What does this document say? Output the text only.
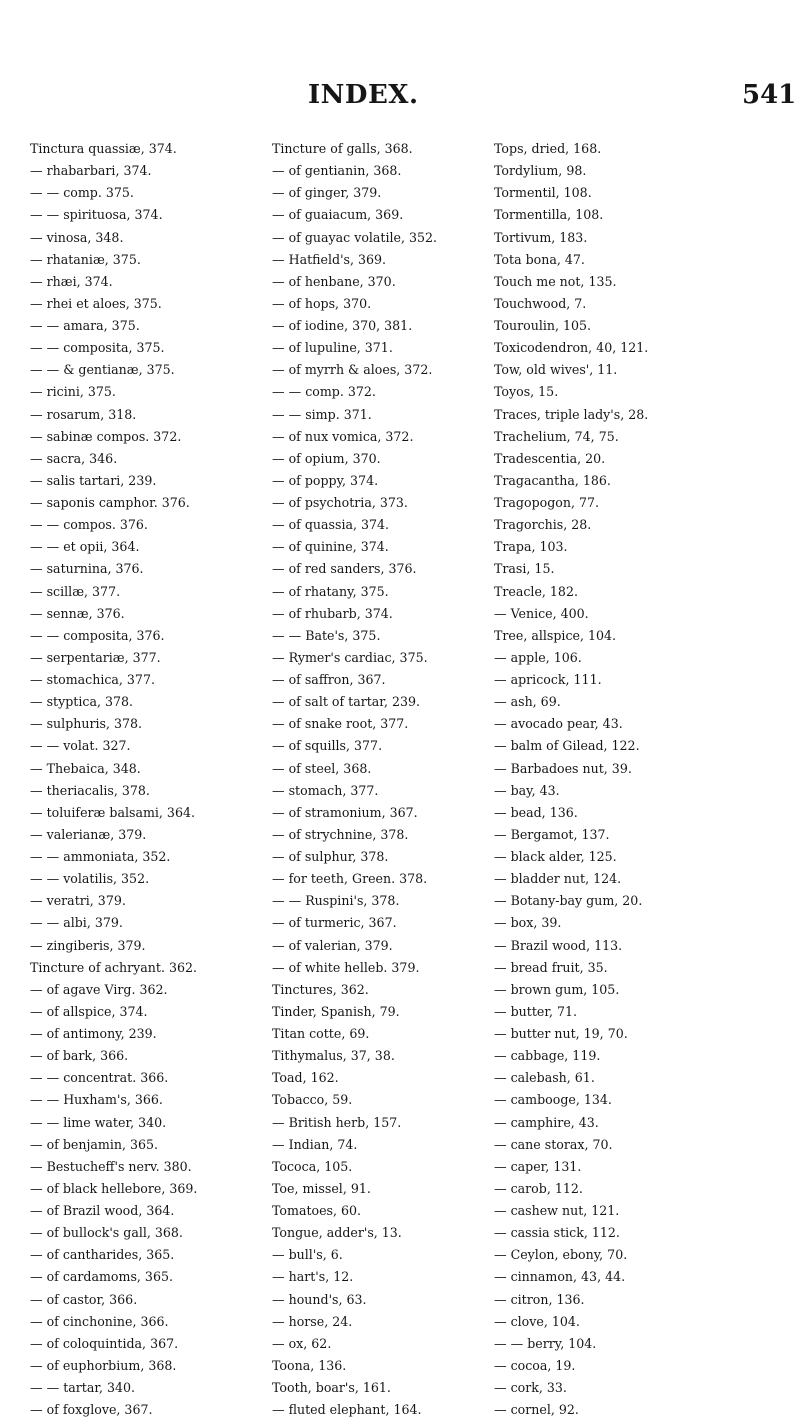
INDEX.	541
Tinctura quassiæ, 374.
— rhabarbari, 374.
— — comp. 375.
— — spirituosa, 374.
— vinosa, 348.
— rhataniæ, 375.
— rhæi, 374.
— rhei et aloes, 375.
— — amara, 375.
— — composita, 375.
— — & gentianæ, 375.
— ricini, 375.
— rosarum, 318.
— sabinæ compos. 372.
— sacra, 346.
— salis tartari, 239.
— saponis camphor. 376.
— — compos. 376.
— — et opii, 364.
— saturnina, 376.
— scillæ, 377.
— sennæ, 376.
— — composita, 376.
— serpentariæ, 377.
— stomachica, 377.
— styptica, 378.
— sulphuris, 378.
— — volat. 327.
— Thebaica, 348.
— theriacalis, 378.
— toluiferæ balsami, 364.
— valerianæ, 379.
— — ammoniata, 352.
— — volatilis, 352.
— veratri, 379.
— — albi, 379.
— zingiberis, 379.
Tincture of achryant. 362.
— of agave Virg. 362.
— of allspice, 374.
— of antimony, 239.
— of bark, 366.
— — concentrat. 366.
— — Huxham's, 366.
— — lime water, 340.
— of benjamin, 365.
— Bestucheff's nerv. 380.
— of black hellebore, 369.
— of Brazil wood, 364.
— of bullock's gall, 368.
— of cantharides, 365.
— of cardamoms, 365.
— of castor, 366.
— of cinchonine, 366.
— of coloquintida, 367.
— of euphorbium, 368.
— — tartar, 340.
— of foxglove, 367.
Tincture of galls, 368.
— of gentianin, 368.
— of ginger, 379.
— of guaiacum, 369.
— of guayac volatile, 352.
— Hatfield's, 369.
— of henbane, 370.
— of hops, 370.
— of iodine, 370, 381.
— of lupuline, 371.
— of myrrh & aloes, 372.
— — comp. 372.
— — simp. 371.
— of nux vomica, 372.
— of opium, 370.
— of poppy, 374.
— of psychotria, 373.
— of quassia, 374.
— of quinine, 374.
— of red sanders, 376.
— of rhatany, 375.
— of rhubarb, 374.
— — Bate's, 375.
— Rymer's cardiac, 375.
— of saffron, 367.
— of salt of tartar, 239.
— of snake root, 377.
— of squills, 377.
— of steel, 368.
— stomach, 377.
— of stramonium, 367.
— of strychnine, 378.
— of sulphur, 378.
— for teeth, Green. 378.
— — Ruspini's, 378.
— of turmeric, 367.
— of valerian, 379.
— of white helleb. 379.
Tinctures, 362.
Tinder, Spanish, 79.
Titan cotte, 69.
Tithymalus, 37, 38.
Toad, 162.
Tobacco, 59.
— British herb, 157.
— Indian, 74.
Tococa, 105.
Toe, missel, 91.
Tomatoes, 60.
Tongue, adder's, 13.
— bull's, 6.
— hart's, 12.
— hound's, 63.
— horse, 24.
— ox, 62.
Toona, 136.
Tooth, boar's, 161.
— fluted elephant, 164.
Tops, dried, 168.
Tordylium, 98.
Tormentil, 108.
Tormentilla, 108.
Tortivum, 183.
Tota bona, 47.
Touch me not, 135.
Touchwood, 7.
Touroulin, 105.
Toxicodendron, 40, 121.
Tow, old wives', 11.
Toyos, 15.
Traces, triple lady's, 28.
Trachelium, 74, 75.
Tradescentia, 20.
Tragacantha, 186.
Tragopogon, 77.
Tragorchis, 28.
Trapa, 103.
Trasi, 15.
Treacle, 182.
— Venice, 400.
Tree, allspice, 104.
— apple, 106.
— apricock, 111.
— ash, 69.
— avocado pear, 43.
— balm of Gilead, 122.
— Barbadoes nut, 39.
— bay, 43.
— bead, 136.
— Bergamot, 137.
— black alder, 125.
— bladder nut, 124.
— Botany-bay gum, 20.
— box, 39.
— Brazil wood, 113.
— bread fruit, 35.
— brown gum, 105.
— butter, 71.
— butter nut, 19, 70.
— cabbage, 119.
— calebash, 61.
— cambooge, 134.
— camphire, 43.
— cane storax, 70.
— caper, 131.
— carob, 112.
— cashew nut, 121.
— cassia stick, 112.
— Ceylon, ebony, 70.
— cinnamon, 43, 44.
— citron, 136.
— clove, 104.
— — berry, 104.
— cocoa, 19.
— cork, 33.
— cornel, 92.
